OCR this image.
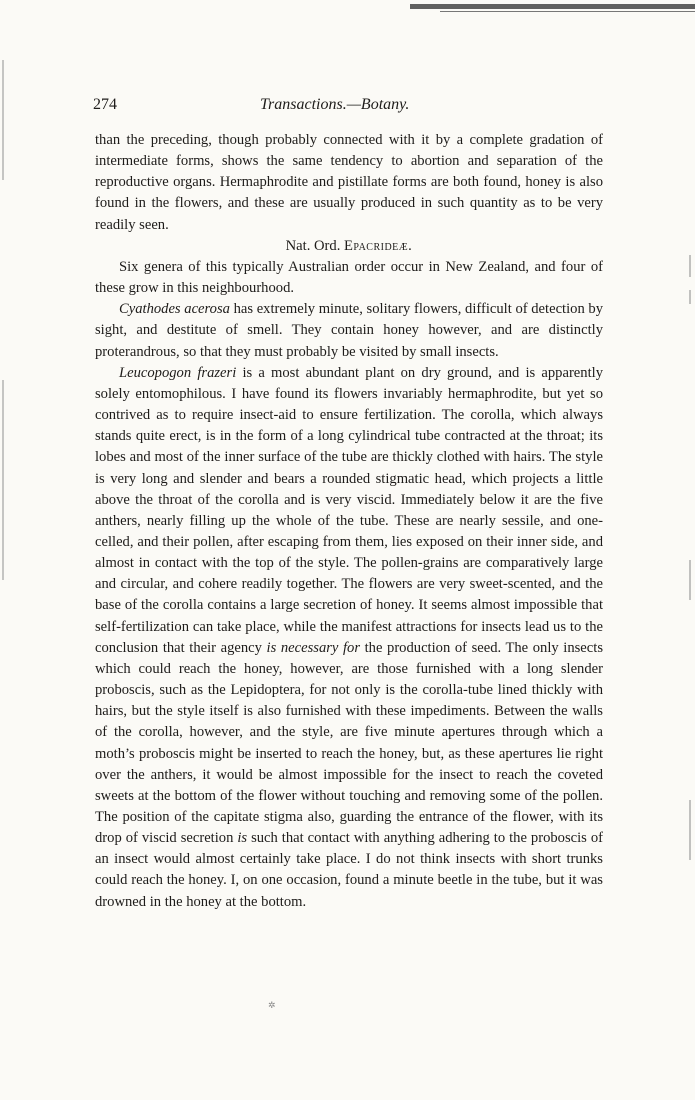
274	Transactions.—Botany.

than the preceding, though probably connected with it by a complete gradation of intermediate forms, shows the same tendency to abortion and separation of the reproductive organs. Hermaphrodite and pistillate forms are both found, honey is also found in the flowers, and these are usually produced in such quantity as to be very readily seen.

Nat. Ord. Epacrideæ.

Six genera of this typically Australian order occur in New Zealand, and four of these grow in this neighbourhood.

Cyathodes acerosa has extremely minute, solitary flowers, difficult of detection by sight, and destitute of smell. They contain honey however, and are distinctly proterandrous, so that they must probably be visited by small insects.

Leucopogon frazeri is a most abundant plant on dry ground, and is apparently solely entomophilous. I have found its flowers invariably hermaphrodite, but yet so contrived as to require insect-aid to ensure fertilization. The corolla, which always stands quite erect, is in the form of a long cylindrical tube contracted at the throat; its lobes and most of the inner surface of the tube are thickly clothed with hairs. The style is very long and slender and bears a rounded stigmatic head, which projects a little above the throat of the corolla and is very viscid. Immediately below it are the five anthers, nearly filling up the whole of the tube. These are nearly sessile, and one-celled, and their pollen, after escaping from them, lies exposed on their inner side, and almost in contact with the top of the style. The pollen-grains are comparatively large and circular, and cohere readily together. The flowers are very sweet-scented, and the base of the corolla contains a large secretion of honey. It seems almost impossible that self-fertilization can take place, while the manifest attractions for insects lead us to the conclusion that their agency is necessary for the production of seed. The only insects which could reach the honey, however, are those furnished with a long slender proboscis, such as the Lepidoptera, for not only is the corolla-tube lined thickly with hairs, but the style itself is also furnished with these impediments. Between the walls of the corolla, however, and the style, are five minute apertures through which a moth’s proboscis might be inserted to reach the honey, but, as these apertures lie right over the anthers, it would be almost impossible for the insect to reach the coveted sweets at the bottom of the flower without touching and removing some of the pollen. The position of the capitate stigma also, guarding the entrance of the flower, with its drop of viscid secretion is such that contact with anything adhering to the proboscis of an insect would almost certainly take place. I do not think insects with short trunks could reach the honey. I, on one occasion, found a minute beetle in the tube, but it was drowned in the honey at the bottom.

✲
